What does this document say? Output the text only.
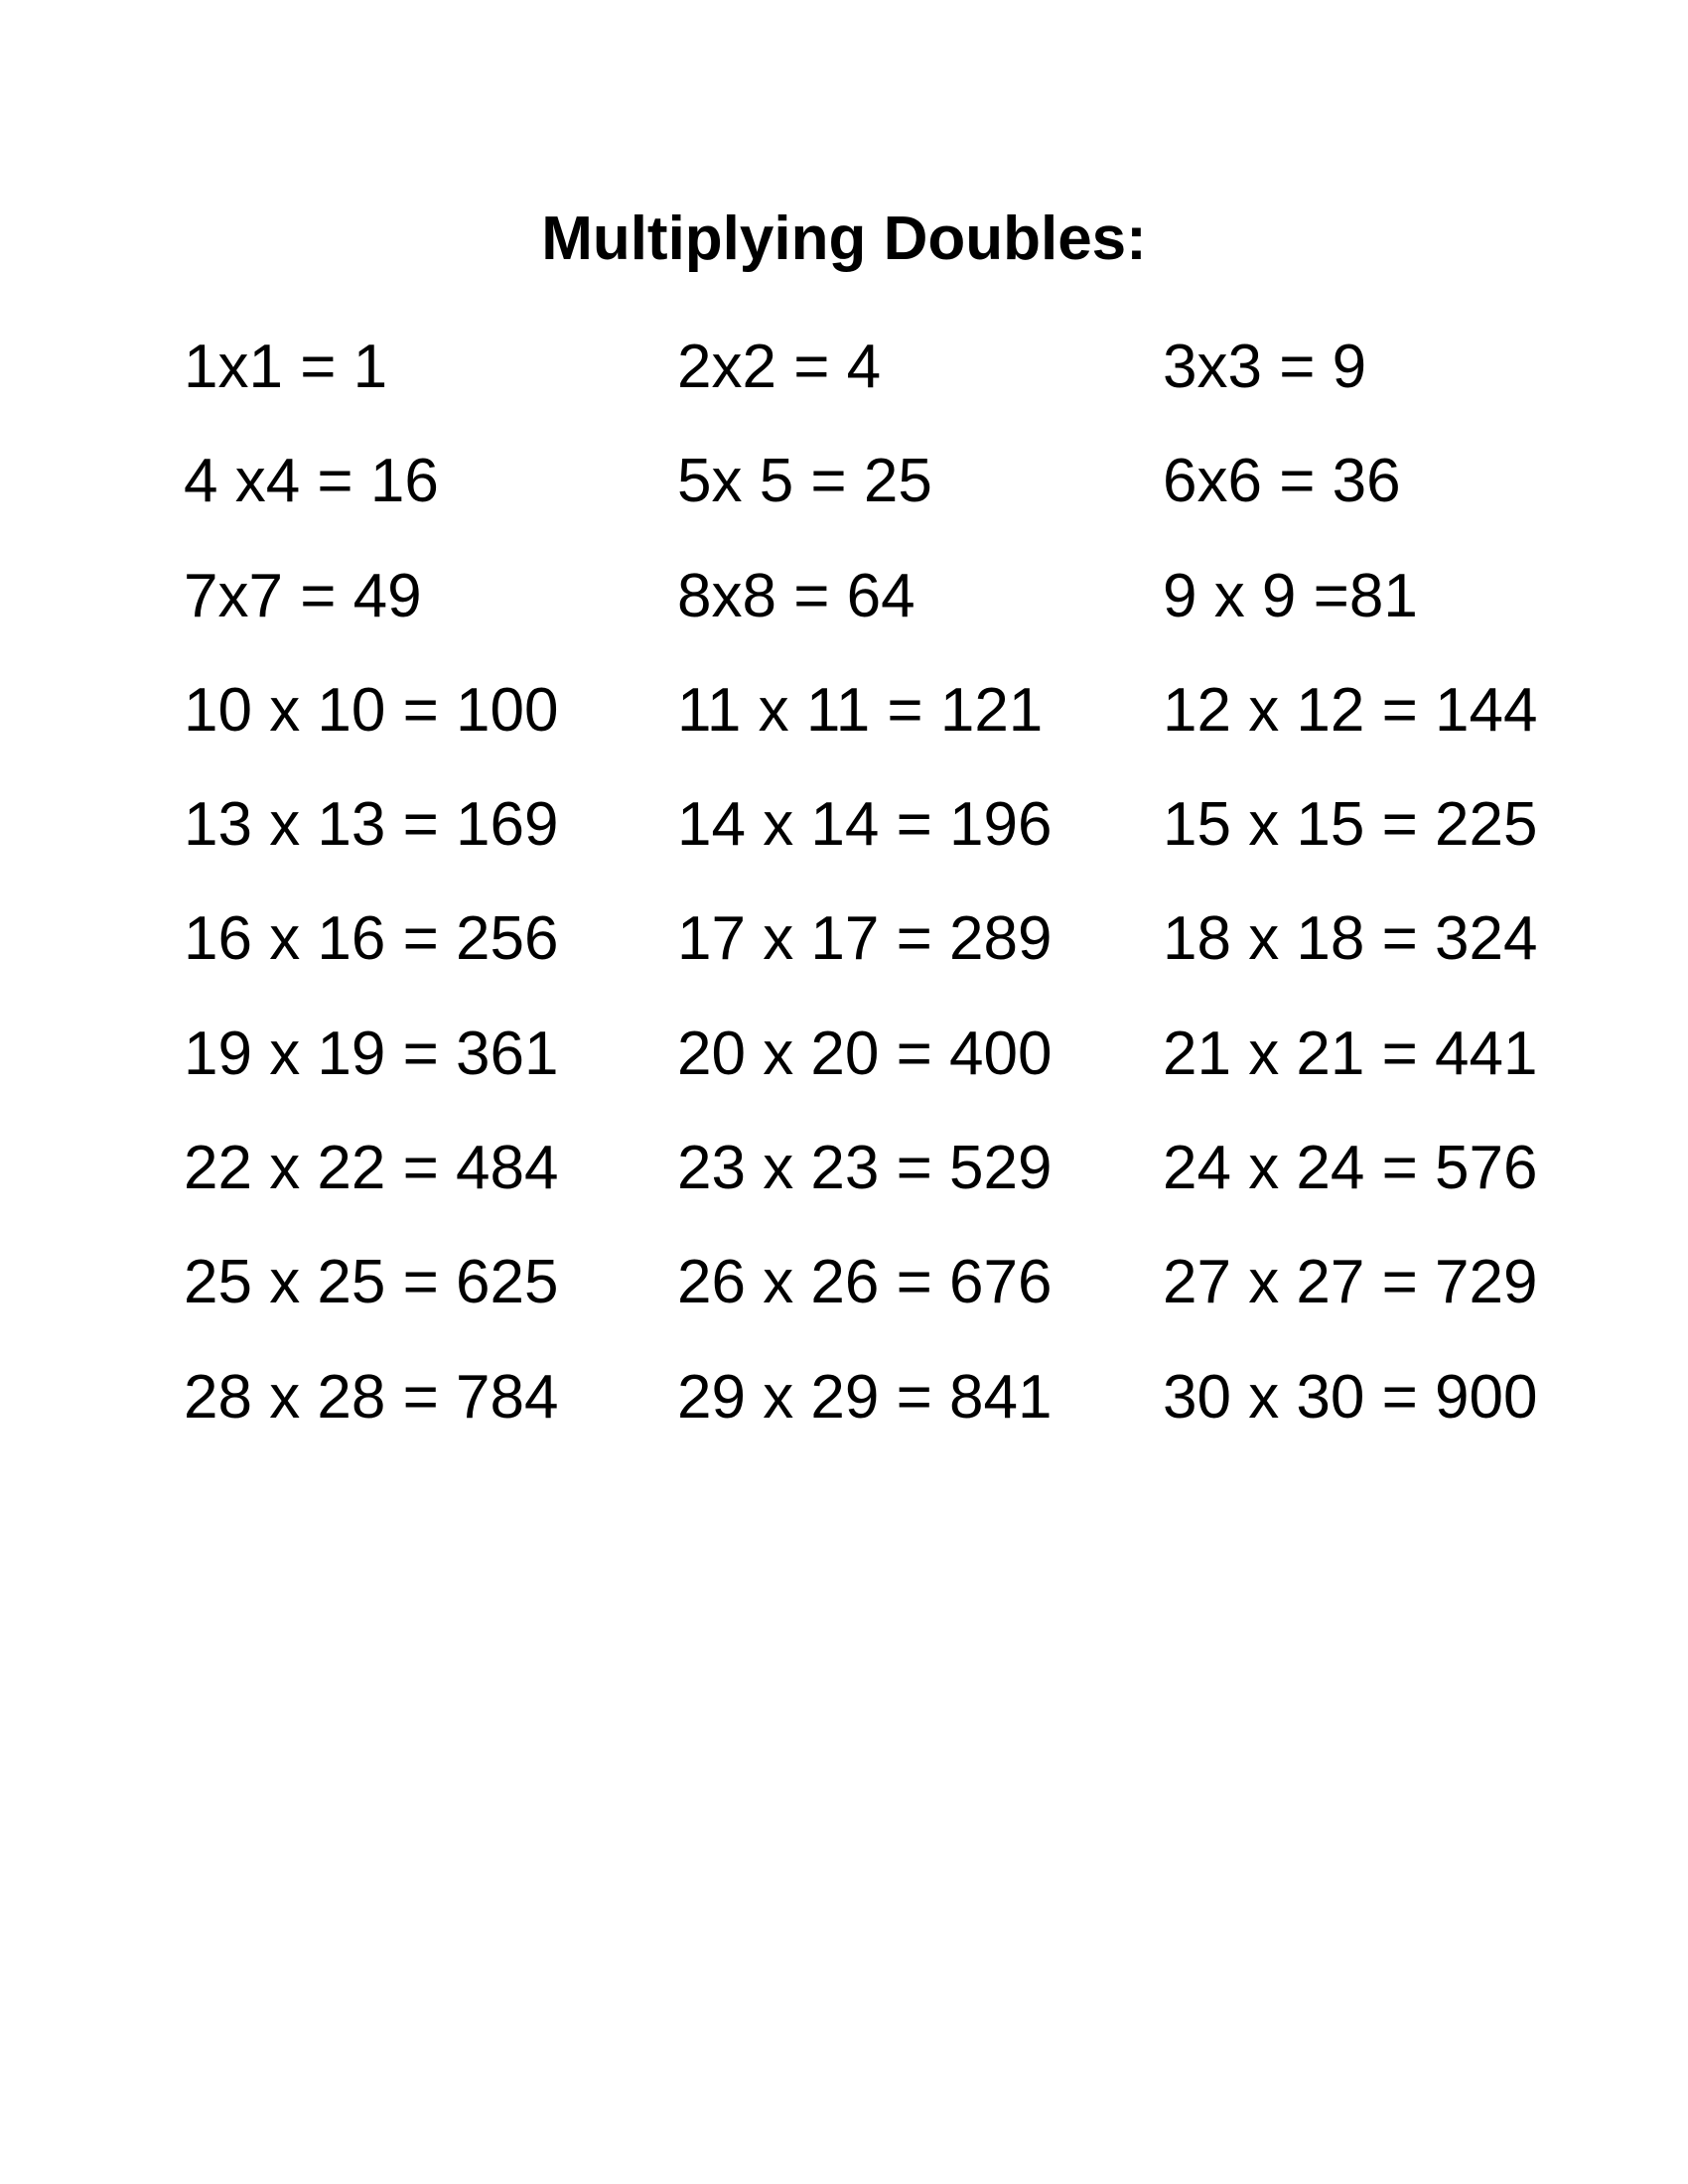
Multiplying Doubles:
1x1 = 1	2x2 = 4	3x3 = 9
4 x4 = 16	5x 5 = 25	6x6 = 36
7x7 = 49	8x8 = 64	9 x 9 =81
10 x 10 = 100	11 x 11 = 121	12 x 12 = 144
13 x 13 = 169	14 x 14 = 196	15 x 15 = 225
16 x 16 = 256	17 x 17 = 289	18 x 18 = 324
19 x 19 = 361	20 x 20 = 400	21 x 21 = 441
22 x 22 = 484	23 x 23 = 529	24 x 24 = 576
25 x 25 = 625	26 x 26 = 676	27 x 27 = 729
28 x 28 = 784	29 x 29 = 841	30 x 30 = 900
